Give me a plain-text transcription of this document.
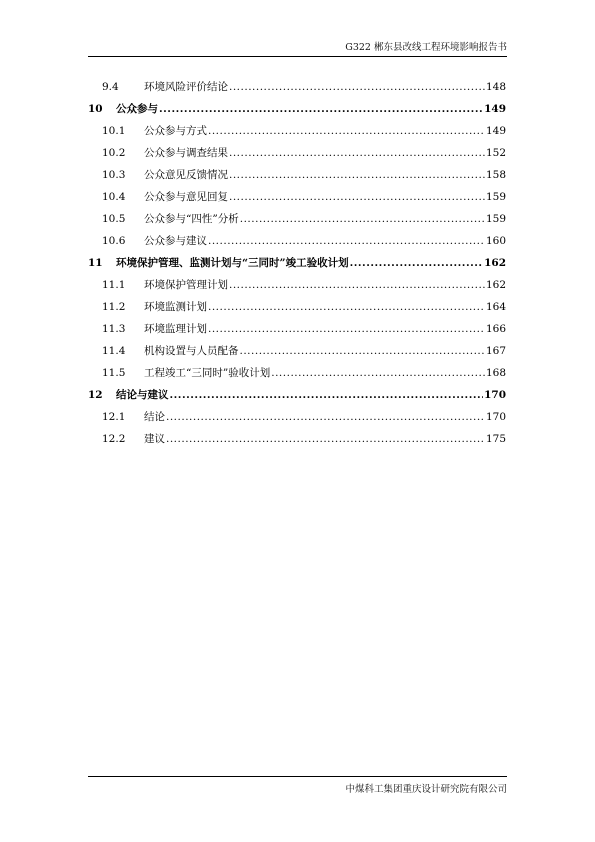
G322 郴东县改线工程环境影响报告书
9.4	环境风险评价结论 .....	148
10	公众参与 .....	149
10.1	公众参与方式 .....	149
10.2	公众参与调查结果 .....	152
10.3	公众意见反馈情况 .....	158
10.4	公众参与意见回复 .....	159
10.5	公众参与“四性”分析 .....	159
10.6	公众参与建议 .....	160
11	环境保护管理、监测计划与“三同时”竣工验收计划 .....	162
11.1	环境保护管理计划 .....	162
11.2	环境监测计划 .....	164
11.3	环境监理计划 .....	166
11.4	机构设置与人员配备 .....	167
11.5	工程竣工“三同时”验收计划 .....	168
12	结论与建议 .....	170
12.1	结论 .....	170
12.2	建议 .....	175
中煤科工集团重庆设计研究院有限公司
